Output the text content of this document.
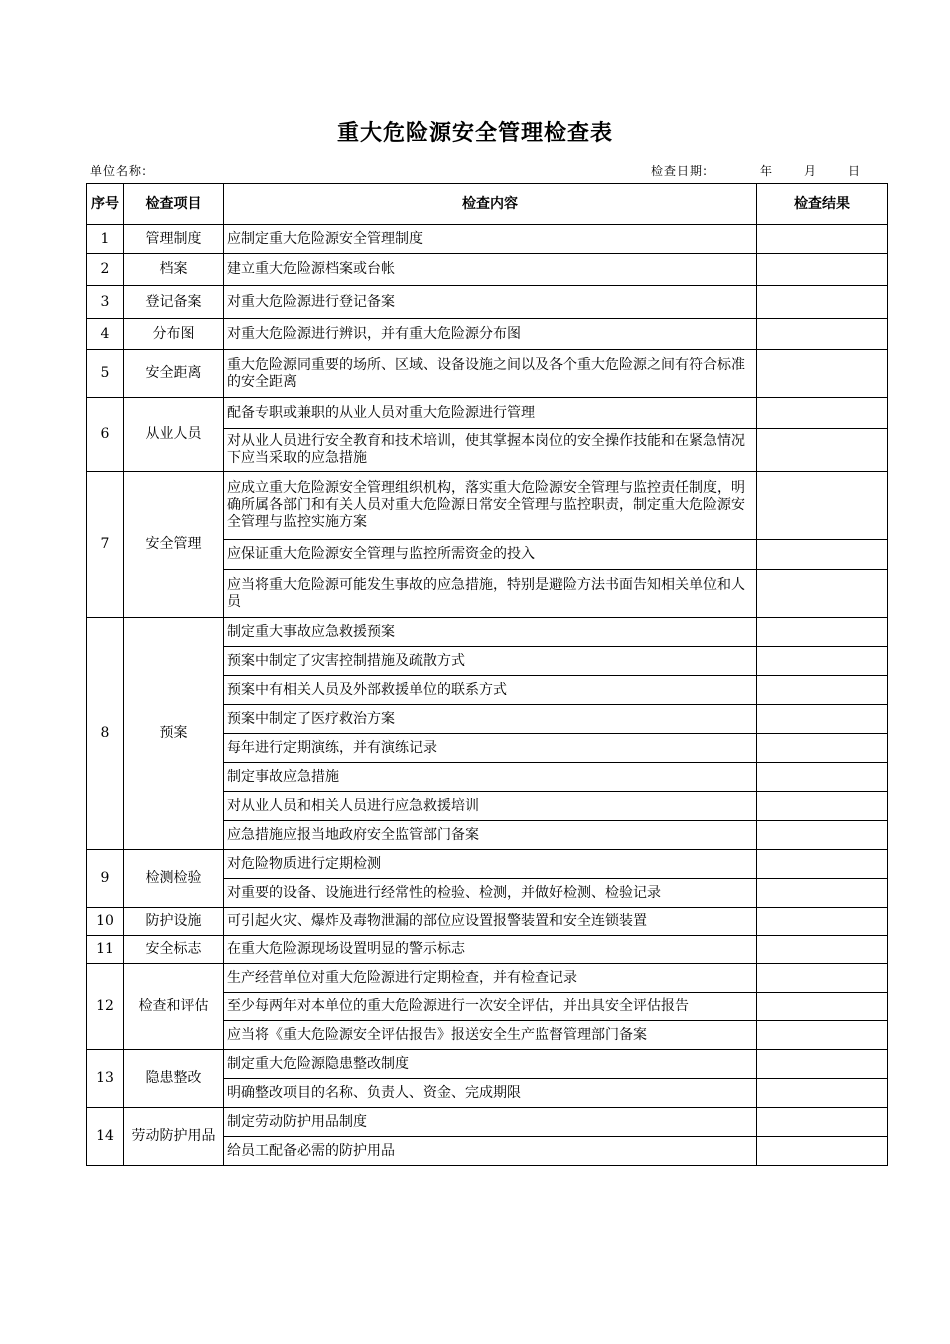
重大危险源安全管理检查表
单位名称:	检查日期:	年	月	日
序号	检查项目	检查内容	检查结果
1	管理制度	应制定重大危险源安全管理制度	
2	档案	建立重大危险源档案或台帐	
3	登记备案	对重大危险源进行登记备案	
4	分布图	对重大危险源进行辨识，并有重大危险源分布图	
5	安全距离	重大危险源同重要的场所、区域、设备设施之间以及各个重大危险源之间有符合标准的安全距离	
6	从业人员	配备专职或兼职的从业人员对重大危险源进行管理	
		对从业人员进行安全教育和技术培训，使其掌握本岗位的安全操作技能和在紧急情况下应当采取的应急措施	
7	安全管理	应成立重大危险源安全管理组织机构，落实重大危险源安全管理与监控责任制度，明确所属各部门和有关人员对重大危险源日常安全管理与监控职责，制定重大危险源安全管理与监控实施方案	
		应保证重大危险源安全管理与监控所需资金的投入	
		应当将重大危险源可能发生事故的应急措施，特别是避险方法书面告知相关单位和人员	
8	预案	制定重大事故应急救援预案	
		预案中制定了灾害控制措施及疏散方式	
		预案中有相关人员及外部救援单位的联系方式	
		预案中制定了医疗救治方案	
		每年进行定期演练，并有演练记录	
		制定事故应急措施	
		对从业人员和相关人员进行应急救援培训	
		应急措施应报当地政府安全监管部门备案	
9	检测检验	对危险物质进行定期检测	
		对重要的设备、设施进行经常性的检验、检测，并做好检测、检验记录	
10	防护设施	可引起火灾、爆炸及毒物泄漏的部位应设置报警装置和安全连锁装置	
11	安全标志	在重大危险源现场设置明显的警示标志	
12	检查和评估	生产经营单位对重大危险源进行定期检查，并有检查记录	
		至少每两年对本单位的重大危险源进行一次安全评估，并出具安全评估报告	
		应当将《重大危险源安全评估报告》报送安全生产监督管理部门备案	
13	隐患整改	制定重大危险源隐患整改制度	
		明确整改项目的名称、负责人、资金、完成期限	
14	劳动防护用品	制定劳动防护用品制度	
		给员工配备必需的防护用品	
